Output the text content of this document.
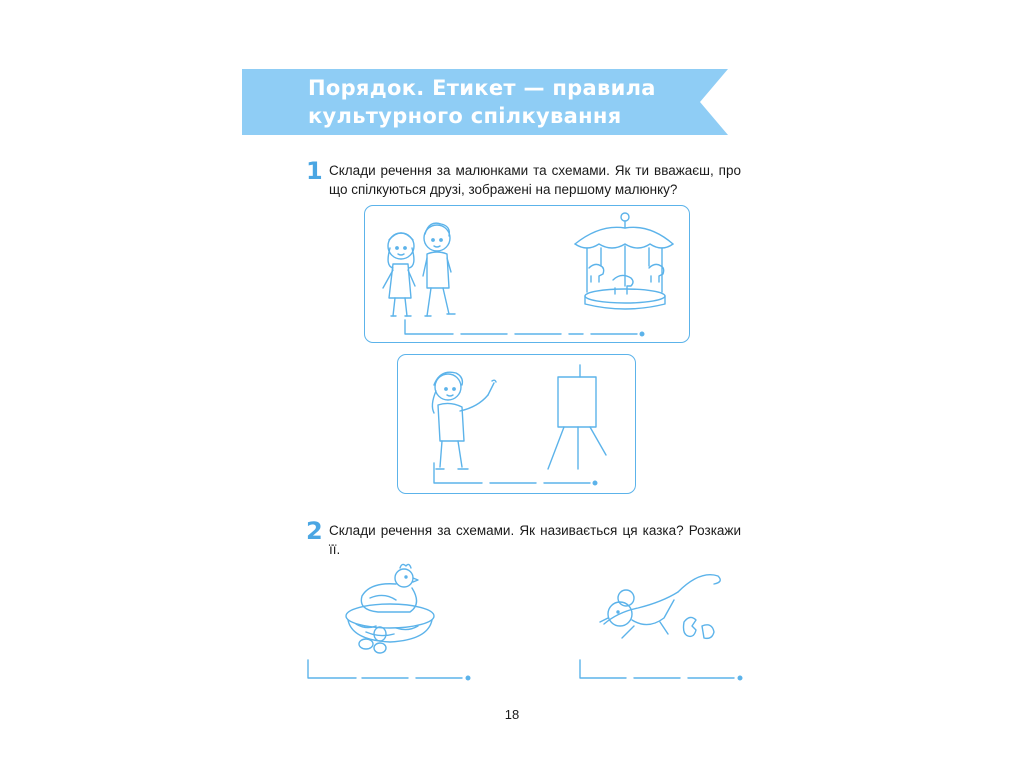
Порядок. Етикет — правила
культурного спілкування
1 Склади речення за малюнками та схемами. Як ти вважаєш, про що спілкуються друзі, зображені на першому малюнку?
2 Склади речення за схемами. Як називається ця казка? Розкажи її.
18
